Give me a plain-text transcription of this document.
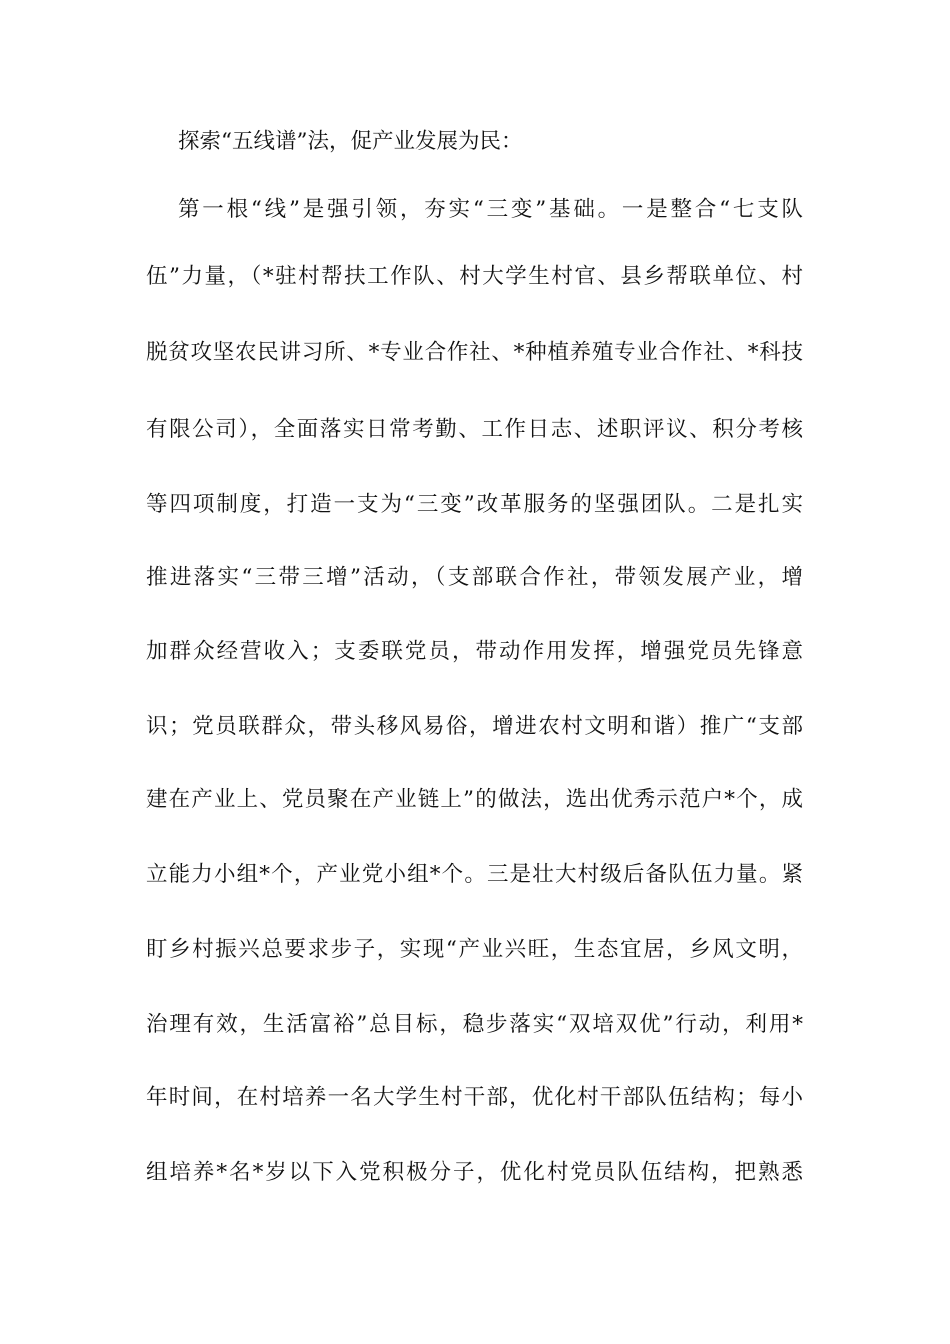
探索“五线谱”法，促产业发展为民：
第一根“线”是强引领，夯实“三变”基础。一是整合“七支队
伍”力量，（*驻村帮扶工作队、村大学生村官、县乡帮联单位、村
脱贫攻坚农民讲习所、*专业合作社、*种植养殖专业合作社、*科技
有限公司），全面落实日常考勤、工作日志、述职评议、积分考核
等四项制度，打造一支为“三变”改革服务的坚强团队。二是扎实
推进落实“三带三增”活动，（支部联合作社，带领发展产业，增
加群众经营收入；支委联党员，带动作用发挥，增强党员先锋意
识；党员联群众，带头移风易俗，增进农村文明和谐）推广“支部
建在产业上、党员聚在产业链上”的做法，选出优秀示范户*个，成
立能力小组*个，产业党小组*个。三是壮大村级后备队伍力量。紧
盯乡村振兴总要求步子，实现“产业兴旺，生态宜居，乡风文明，
治理有效，生活富裕”总目标，稳步落实“双培双优”行动，利用*
年时间，在村培养一名大学生村干部，优化村干部队伍结构；每小
组培养*名*岁以下入党积极分子，优化村党员队伍结构，把熟悉
